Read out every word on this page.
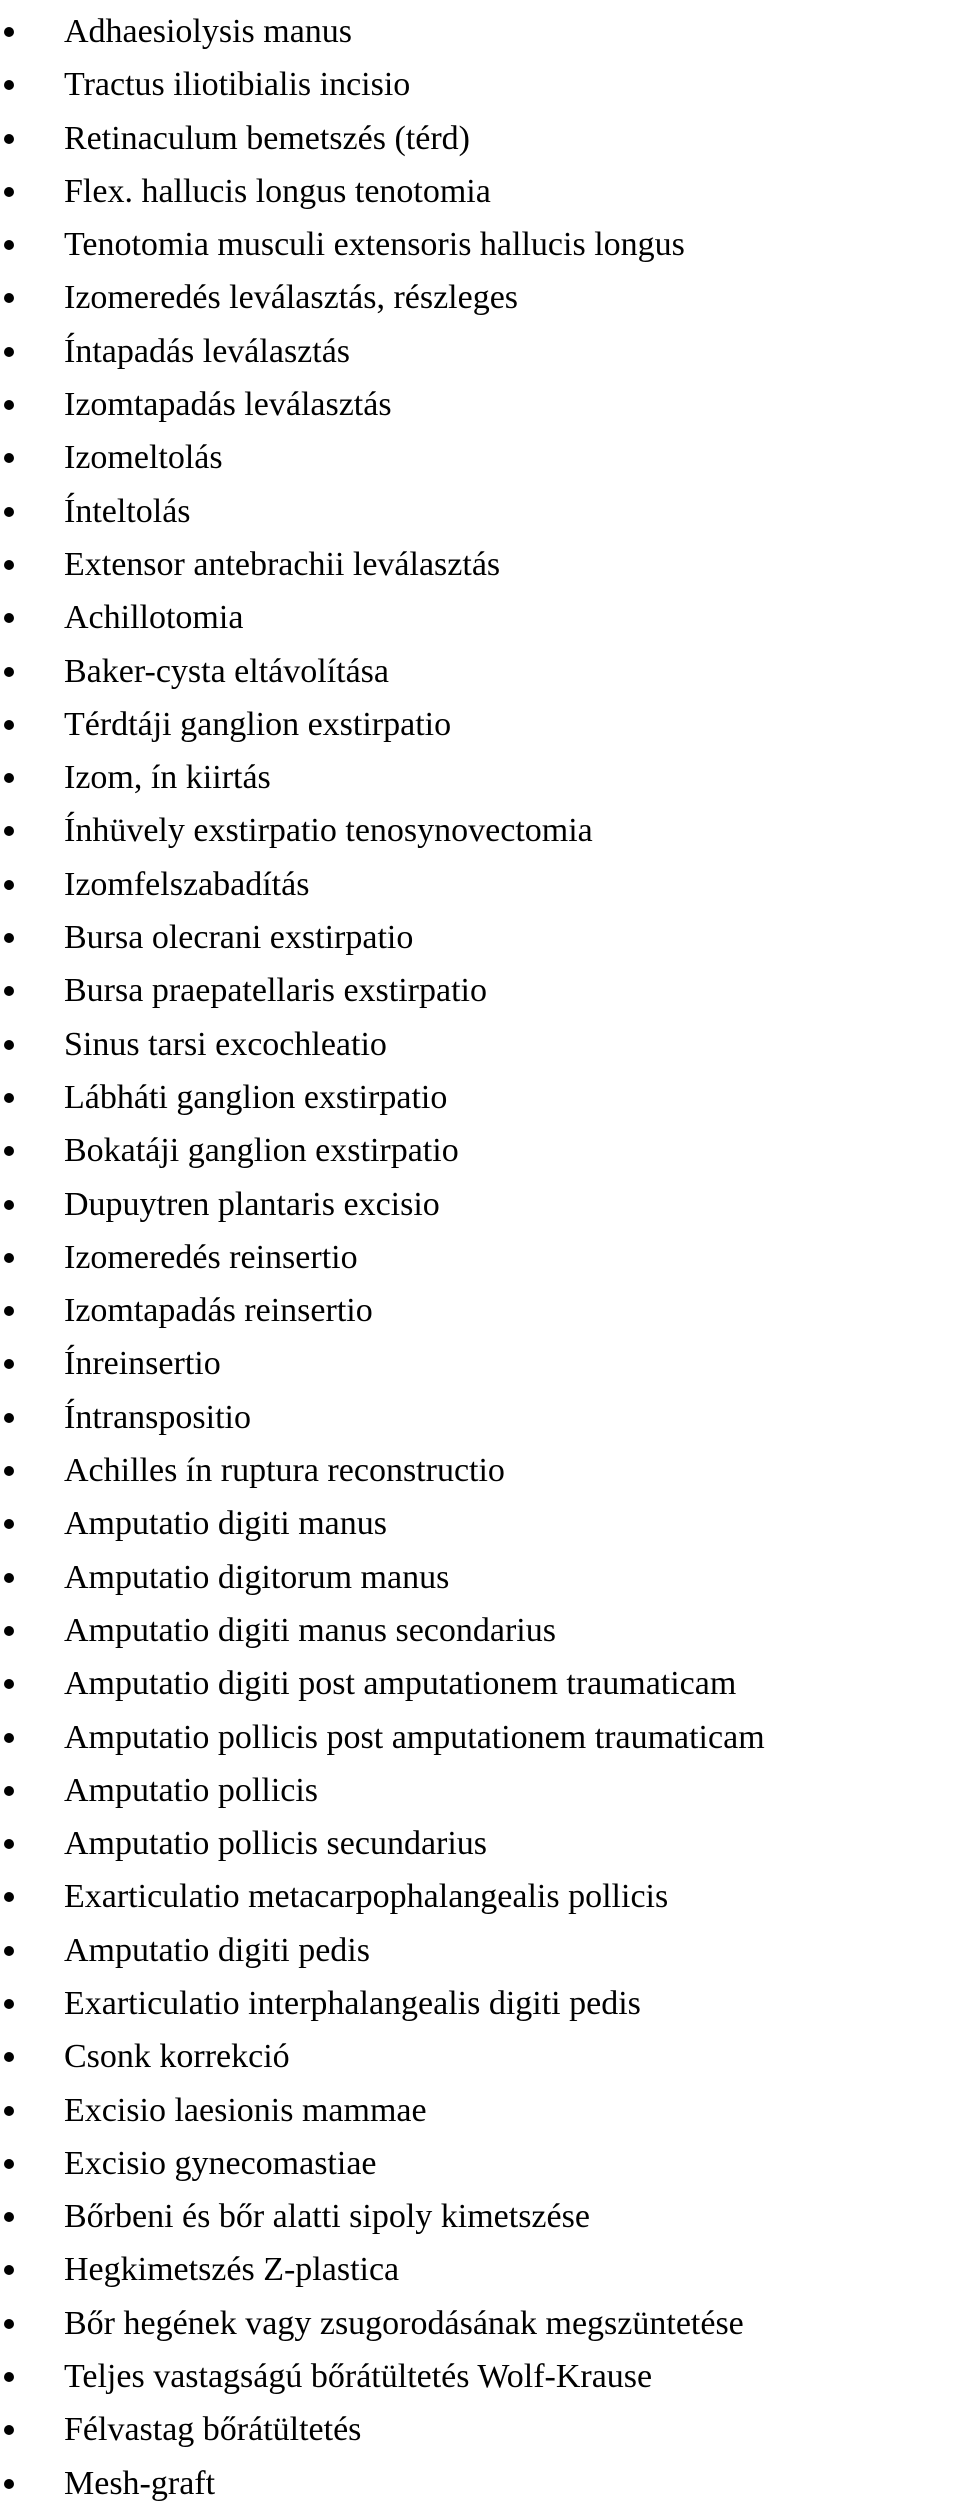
Adhaesiolysis manus
Tractus iliotibialis incisio
Retinaculum bemetszés (térd)
Flex. hallucis longus tenotomia
Tenotomia musculi extensoris hallucis longus
Izomeredés leválasztás, részleges
Íntapadás leválasztás
Izomtapadás leválasztás
Izomeltolás
Ínteltolás
Extensor antebrachii leválasztás
Achillotomia
Baker-cysta eltávolítása
Térdtáji ganglion exstirpatio
Izom, ín kiirtás
Ínhüvely exstirpatio tenosynovectomia
Izomfelszabadítás
Bursa olecrani exstirpatio
Bursa praepatellaris exstirpatio
Sinus tarsi excochleatio
Lábháti ganglion exstirpatio
Bokatáji ganglion exstirpatio
Dupuytren plantaris excisio
Izomeredés reinsertio
Izomtapadás reinsertio
Ínreinsertio
Íntranspositio
Achilles ín ruptura reconstructio
Amputatio digiti manus
Amputatio digitorum manus
Amputatio digiti manus secondarius
Amputatio digiti post amputationem traumaticam
Amputatio pollicis post amputationem traumaticam
Amputatio pollicis
Amputatio pollicis secundarius
Exarticulatio metacarpophalangealis pollicis
Amputatio digiti pedis
Exarticulatio interphalangealis digiti pedis
Csonk korrekció
Excisio laesionis mammae
Excisio gynecomastiae
Bőrbeni és bőr alatti sipoly kimetszése
Hegkimetszés Z-plastica
Bőr hegének vagy zsugorodásának megszüntetése
Teljes vastagságú bőrátültetés Wolf-Krause
Félvastag bőrátültetés
Mesh-graft
